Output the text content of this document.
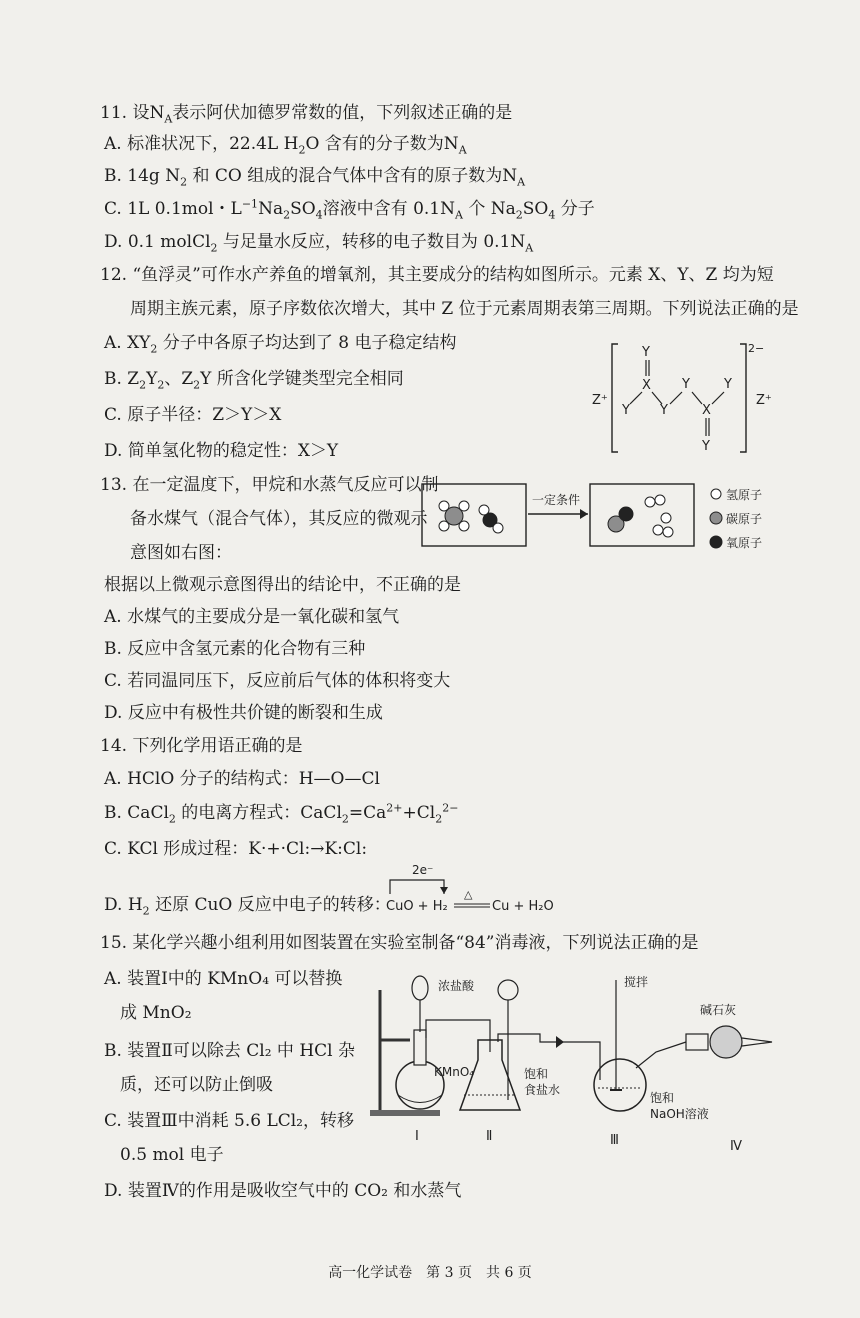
11. 设$N_A$表示阿伏加德罗常数的值，下列叙述正确的是
A. 标准状况下，22.4L $H_2O$ 含有的分子数为$N_A$
B. 14g $N_2$ 和 CO 组成的混合气体中含有的原子数为$N_A$
C. 1L 0.1mol・$L^{-1}Na_2SO_4$溶液中含有 $0.1N_A$ 个 $Na_2SO_4$ 分子
D. 0.1 molCl$_2$ 与足量水反应，转移的电子数目为 $0.1N_A$
12. “鱼浮灵”可作水产养鱼的增氧剂，其主要成分的结构如图所示。元素 X、Y、Z 均为短
周期主族元素，原子序数依次增大，其中 Z 位于元素周期表第三周期。下列说法正确的是
A. $XY_2$ 分子中各原子均达到了 8 电子稳定结构
B. $Z_2Y_2$、$Z_2Y$ 所含化学键类型完全相同
C. 原子半径：Z＞Y＞X
D. 简单氢化物的稳定性：X＞Y
2−
Z⁺	Z⁺
Y
X
Y Y
Y
X
Y
Y
13. 在一定温度下，甲烷和水蒸气反应可以制
备水煤气（混合气体），其反应的微观示
意图如右图：
根据以上微观示意图得出的结论中，不正确的是
A. 水煤气的主要成分是一氧化碳和氢气
B. 反应中含氢元素的化合物有三种
C. 若同温同压下，反应前后气体的体积将变大
D. 反应中有极性共价键的断裂和生成
一定条件	氢原子
碳原子
氧原子
14. 下列化学用语正确的是
A. HClO 分子的结构式：H—O—Cl
B. CaCl$_2$ 的电离方程式：$CaCl_2=Ca^{2+}+Cl_2^{2-}$
C. KCl 形成过程：K·+·Cl:→K:Cl:
D. $H_2$ 还原 CuO 反应中电子的转移：
2e⁻
CuO + H₂
△
Cu + H₂O
15. 某化学兴趣小组利用如图装置在实验室制备“84”消毒液，下列说法正确的是
A. 装置Ⅰ中的 KMnO₄ 可以替换
成 MnO₂
B. 装置Ⅱ可以除去 Cl₂ 中 HCl 杂
质，还可以防止倒吸
C. 装置Ⅲ中消耗 5.6 LCl₂，转移
0.5 mol 电子
D. 装置Ⅳ的作用是吸收空气中的 CO₂ 和水蒸气
浓盐酸
KMnO₄	饱和
食盐水
搅拌
饱和
NaOH溶液
碱石灰
Ⅰ	Ⅱ	Ⅲ	Ⅳ
高一化学试卷　第 3 页　共 6 页
